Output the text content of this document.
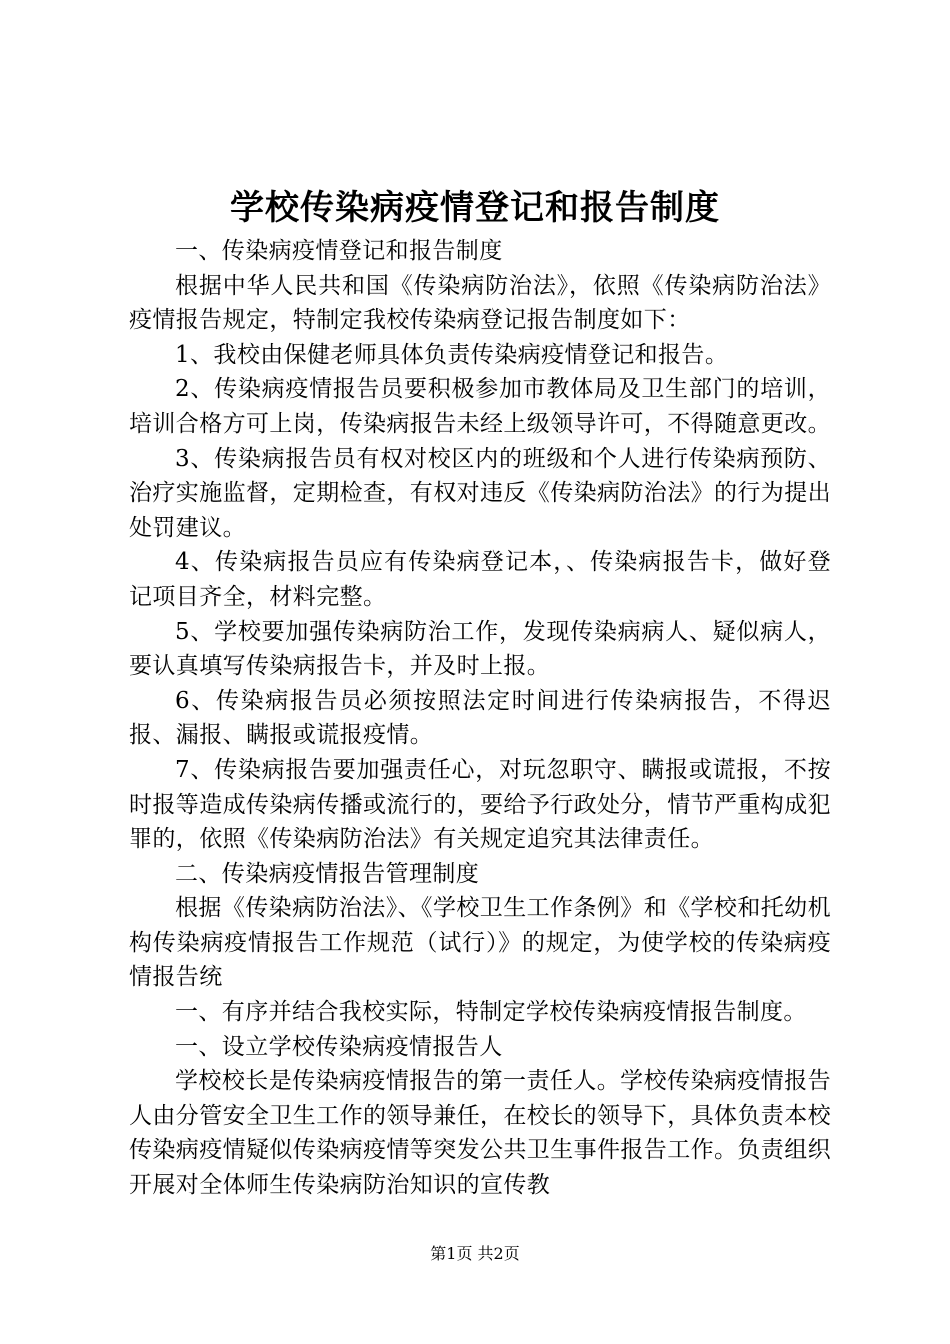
学校传染病疫情登记和报告制度

一、传染病疫情登记和报告制度

根据中华人民共和国《传染病防治法》，依照《传染病防治法》疫情报告规定，特制定我校传染病登记报告制度如下：

1、我校由保健老师具体负责传染病疫情登记和报告。

2、传染病疫情报告员要积极参加市教体局及卫生部门的培训，培训合格方可上岗，传染病报告未经上级领导许可，不得随意更改。

3、传染病报告员有权对校区内的班级和个人进行传染病预防、治疗实施监督，定期检查，有权对违反《传染病防治法》的行为提出处罚建议。

4、传染病报告员应有传染病登记本，、传染病报告卡，做好登记项目齐全，材料完整。

5、学校要加强传染病防治工作，发现传染病病人、疑似病人，要认真填写传染病报告卡，并及时上报。

6、传染病报告员必须按照法定时间进行传染病报告，不得迟报、漏报、瞒报或谎报疫情。

7、传染病报告要加强责任心，对玩忽职守、瞒报或谎报，不按时报等造成传染病传播或流行的，要给予行政处分，情节严重构成犯罪的，依照《传染病防治法》有关规定追究其法律责任。

二、传染病疫情报告管理制度

根据《传染病防治法》、《学校卫生工作条例》和《学校和托幼机构传染病疫情报告工作规范（试行）》的规定，为使学校的传染病疫情报告统

一、有序并结合我校实际，特制定学校传染病疫情报告制度。

一、设立学校传染病疫情报告人

学校校长是传染病疫情报告的第一责任人。学校传染病疫情报告人由分管安全卫生工作的领导兼任，在校长的领导下，具体负责本校传染病疫情疑似传染病疫情等突发公共卫生事件报告工作。负责组织开展对全体师生传染病防治知识的宣传教

第1页 共2页
